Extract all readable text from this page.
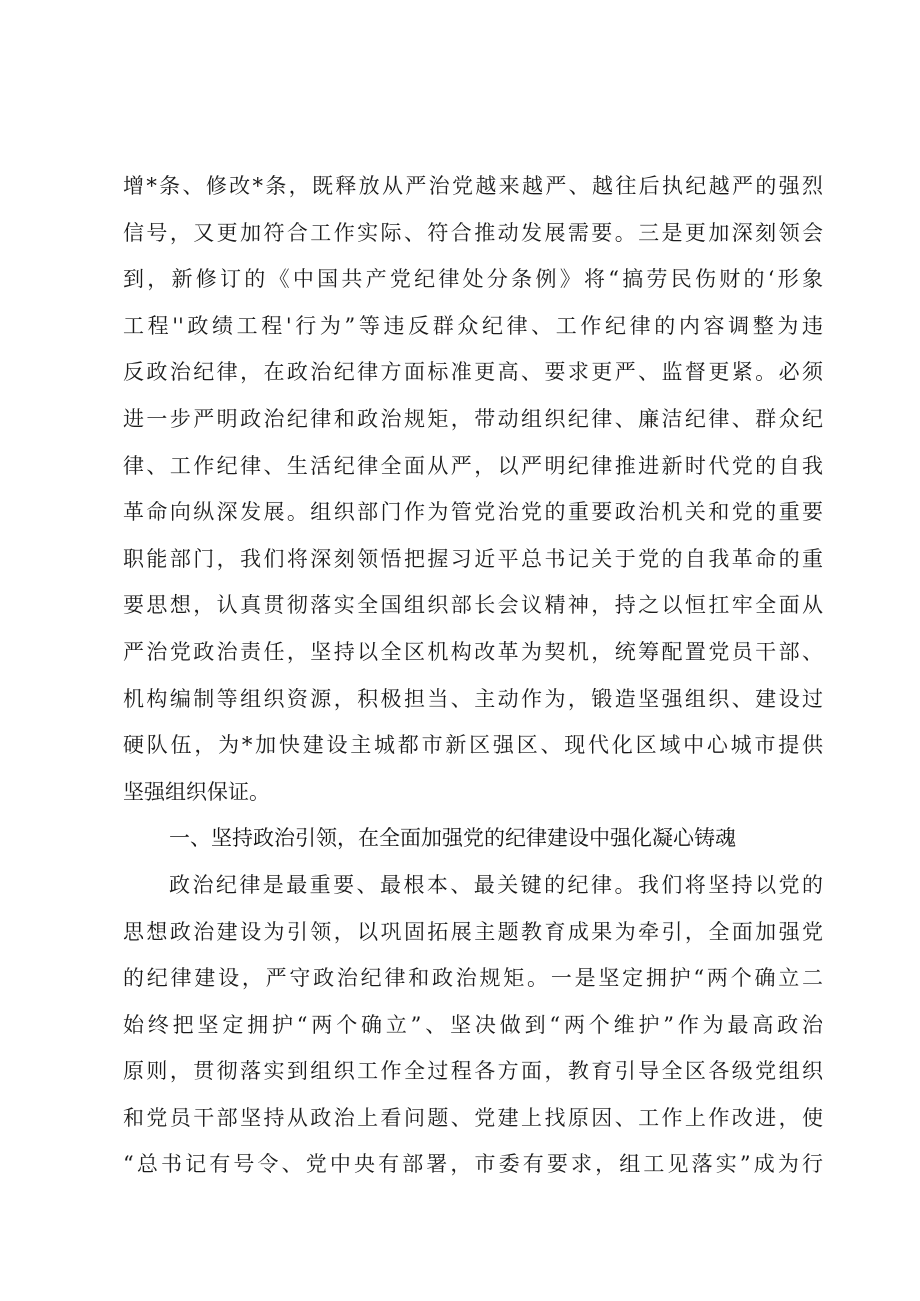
增*条、修改*条，既释放从严治党越来越严、越往后执纪越严的强烈
信号，又更加符合工作实际、符合推动发展需要。三是更加深刻领会
到，新修订的《中国共产党纪律处分条例》将“搞劳民伤财的‘形象
工程''政绩工程'行为”等违反群众纪律、工作纪律的内容调整为违
反政治纪律，在政治纪律方面标准更高、要求更严、监督更紧。必须
进一步严明政治纪律和政治规矩，带动组织纪律、廉洁纪律、群众纪
律、工作纪律、生活纪律全面从严，以严明纪律推进新时代党的自我
革命向纵深发展。组织部门作为管党治党的重要政治机关和党的重要
职能部门，我们将深刻领悟把握习近平总书记关于党的自我革命的重
要思想，认真贯彻落实全国组织部长会议精神，持之以恒扛牢全面从
严治党政治责任，坚持以全区机构改革为契机，统筹配置党员干部、
机构编制等组织资源，积极担当、主动作为，锻造坚强组织、建设过
硬队伍，为*加快建设主城都市新区强区、现代化区域中心城市提供
坚强组织保证。
一、坚持政治引领，在全面加强党的纪律建设中强化凝心铸魂
政治纪律是最重要、最根本、最关键的纪律。我们将坚持以党的
思想政治建设为引领，以巩固拓展主题教育成果为牵引，全面加强党
的纪律建设，严守政治纪律和政治规矩。一是坚定拥护“两个确立二
始终把坚定拥护“两个确立”、坚决做到“两个维护”作为最高政治
原则，贯彻落实到组织工作全过程各方面，教育引导全区各级党组织
和党员干部坚持从政治上看问题、党建上找原因、工作上作改进，使
“总书记有号令、党中央有部署，市委有要求，组工见落实”成为行
